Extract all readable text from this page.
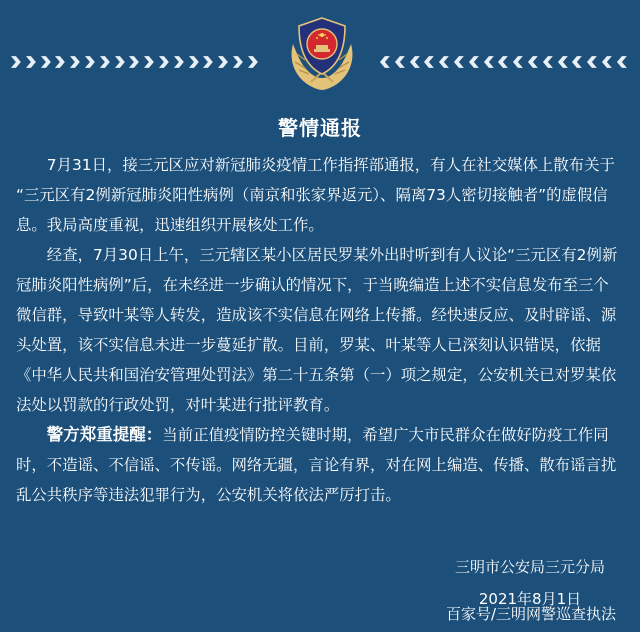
警情通报

7月31日，接三元区应对新冠肺炎疫情工作指挥部通报，有人在社交媒体上散布关于
“三元区有2例新冠肺炎阳性病例（南京和张家界返元）、隔离73人密切接触者”的虚假信
息。我局高度重视，迅速组织开展核处工作。

经查，7月30日上午，三元辖区某小区居民罗某外出时听到有人议论“三元区有2例新
冠肺炎阳性病例”后，在未经进一步确认的情况下，于当晚编造上述不实信息发布至三个
微信群，导致叶某等人转发，造成该不实信息在网络上传播。经快速反应、及时辟谣、源
头处置，该不实信息未进一步蔓延扩散。目前，罗某、叶某等人已深刻认识错误，依据
《中华人民共和国治安管理处罚法》第二十五条第（一）项之规定，公安机关已对罗某依
法处以罚款的行政处罚，对叶某进行批评教育。

警方郑重提醒：当前正值疫情防控关键时期，希望广大市民群众在做好防疫工作同
时，不造谣、不信谣、不传谣。网络无疆，言论有界，对在网上编造、传播、散布谣言扰
乱公共秩序等违法犯罪行为，公安机关将依法严厉打击。

三明市公安局三元分局
2021年8月1日
百家号/三明网警巡查执法
